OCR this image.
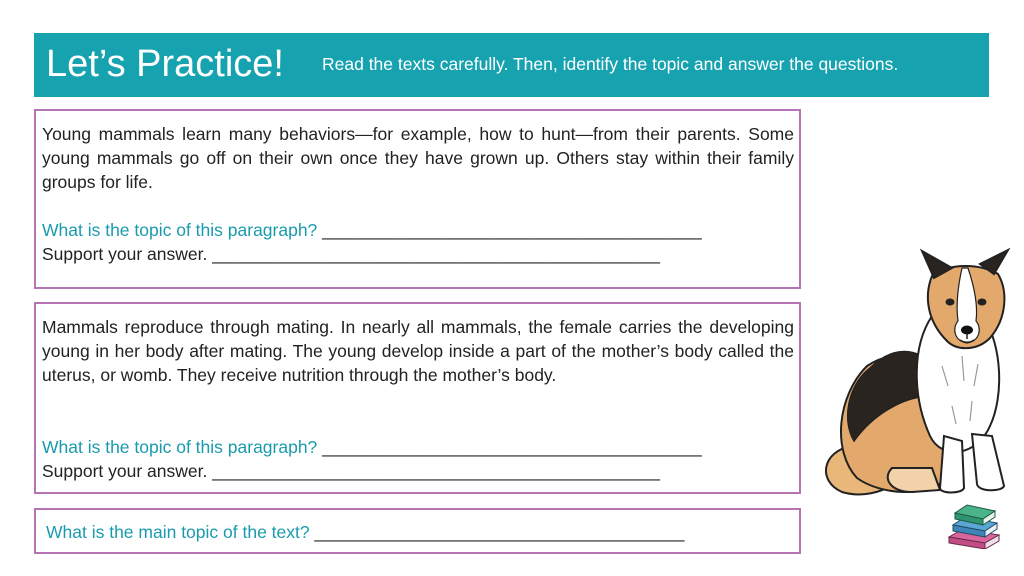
Let’s Practice! Read the texts carefully. Then, identify the topic and answer the questions.

Young mammals learn many behaviors—for example, how to hunt—from their parents. Some young mammals go off on their own once they have grown up. Others stay within their family groups for life.

What is the topic of this paragraph? _______________________________________

Support your answer. ______________________________________________

Mammals reproduce through mating. In nearly all mammals, the female carries the developing young in her body after mating. The young develop inside a part of the mother’s body called the uterus, or womb. They receive nutrition through the mother’s body.

What is the topic of this paragraph? _______________________________________

Support your answer. ______________________________________________

What is the main topic of the text? ______________________________________
